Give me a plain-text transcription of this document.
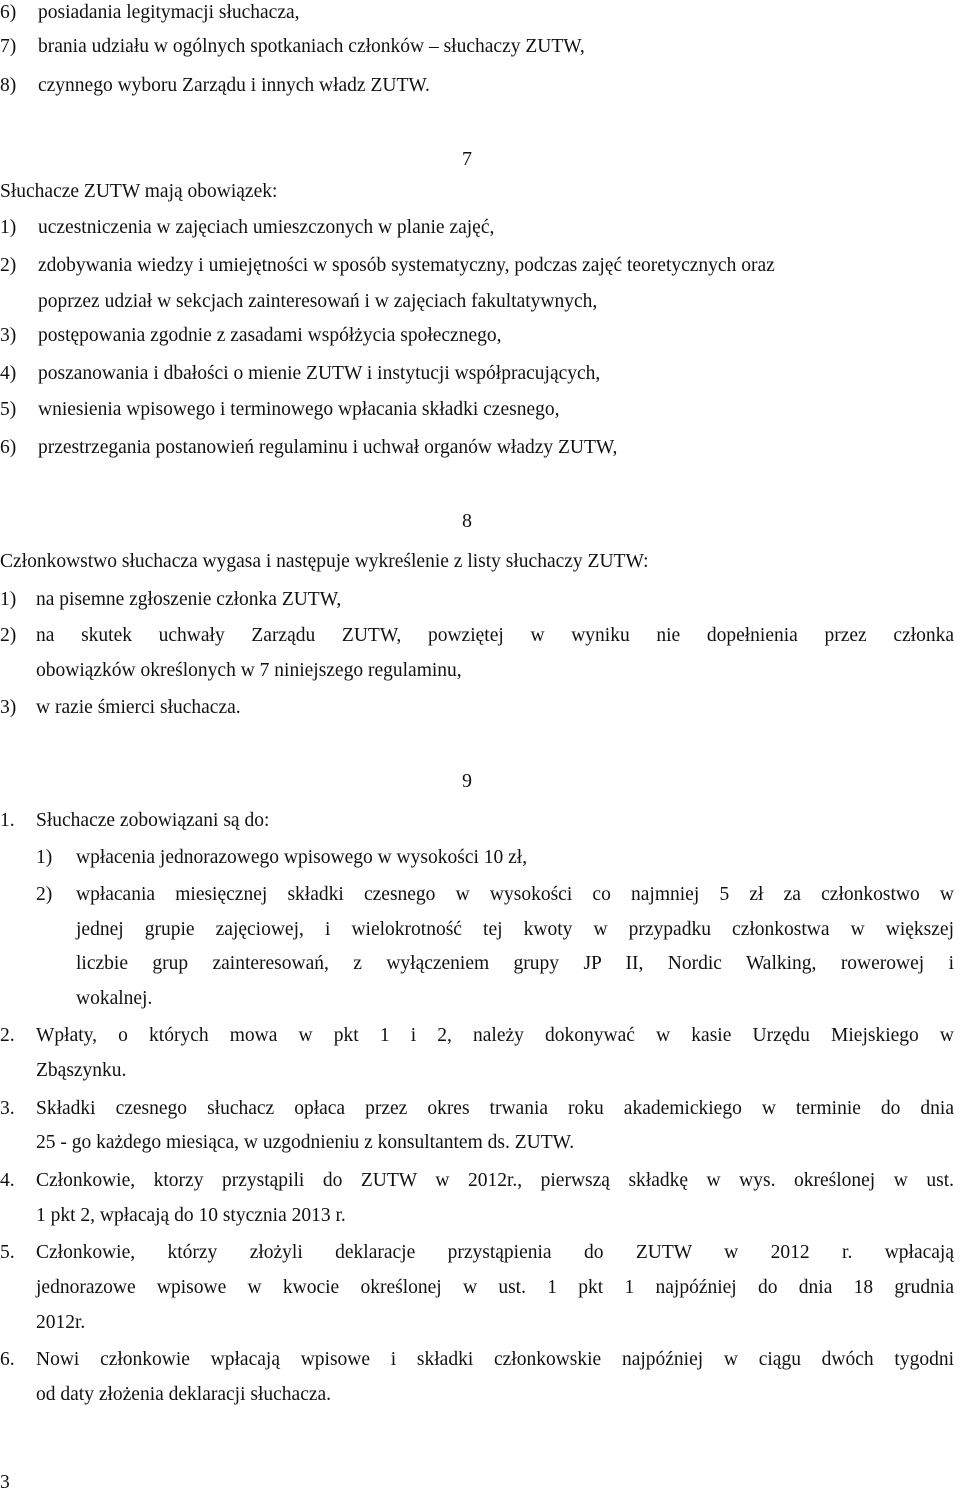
6) posiadania legitymacji słuchacza,
7) brania udziału w ogólnych spotkaniach członków – słuchaczy ZUTW,
8) czynnego wyboru Zarządu i innych władz ZUTW.
7
Słuchacze ZUTW mają obowiązek:
1) uczestniczenia w zajęciach umieszczonych w planie zajęć,
2) zdobywania wiedzy i umiejętności w sposób systematyczny, podczas zajęć teoretycznych oraz
poprzez udział w sekcjach zainteresowań i w zajęciach fakultatywnych,
3) postępowania zgodnie z zasadami współżycia społecznego,
4) poszanowania i dbałości o mienie ZUTW i instytucji współpracujących,
5) wniesienia wpisowego i terminowego wpłacania składki czesnego,
6) przestrzegania postanowień regulaminu i uchwał organów władzy ZUTW,
8
Członkowstwo słuchacza wygasa i następuje wykreślenie z listy słuchaczy ZUTW:
1) na pisemne zgłoszenie członka ZUTW,
2) na skutek uchwały Zarządu ZUTW, powziętej w wyniku nie dopełnienia przez członka
obowiązków określonych w 7 niniejszego regulaminu,
3) w razie śmierci słuchacza.
9
1. Słuchacze zobowiązani są do:
1) wpłacenia jednorazowego wpisowego w wysokości 10 zł,
2) wpłacania miesięcznej składki czesnego w wysokości co najmniej 5 zł za członkostwo w
jednej grupie zajęciowej, i wielokrotność tej kwoty w przypadku członkostwa w większej
liczbie grup zainteresowań, z wyłączeniem grupy JP II, Nordic Walking, rowerowej i
wokalnej.
2. Wpłaty, o których mowa w pkt 1 i 2, należy dokonywać w kasie Urzędu Miejskiego w
Zbąszynku.
3. Składki czesnego słuchacz opłaca przez okres trwania roku akademickiego w terminie do dnia
25 - go każdego miesiąca, w uzgodnieniu z konsultantem ds. ZUTW.
4. Członkowie, ktorzy przystąpili do ZUTW w 2012r., pierwszą składkę w wys. określonej w ust.
1 pkt 2, wpłacają do 10 stycznia 2013 r.
5. Członkowie, którzy złożyli deklaracje przystąpienia do ZUTW w 2012 r. wpłacają
jednorazowe wpisowe w kwocie określonej w ust. 1 pkt 1 najpóźniej do dnia 18 grudnia
2012r.
6. Nowi członkowie wpłacają wpisowe i składki członkowskie najpóźniej w ciągu dwóch tygodni
od daty złożenia deklaracji słuchacza.
3
